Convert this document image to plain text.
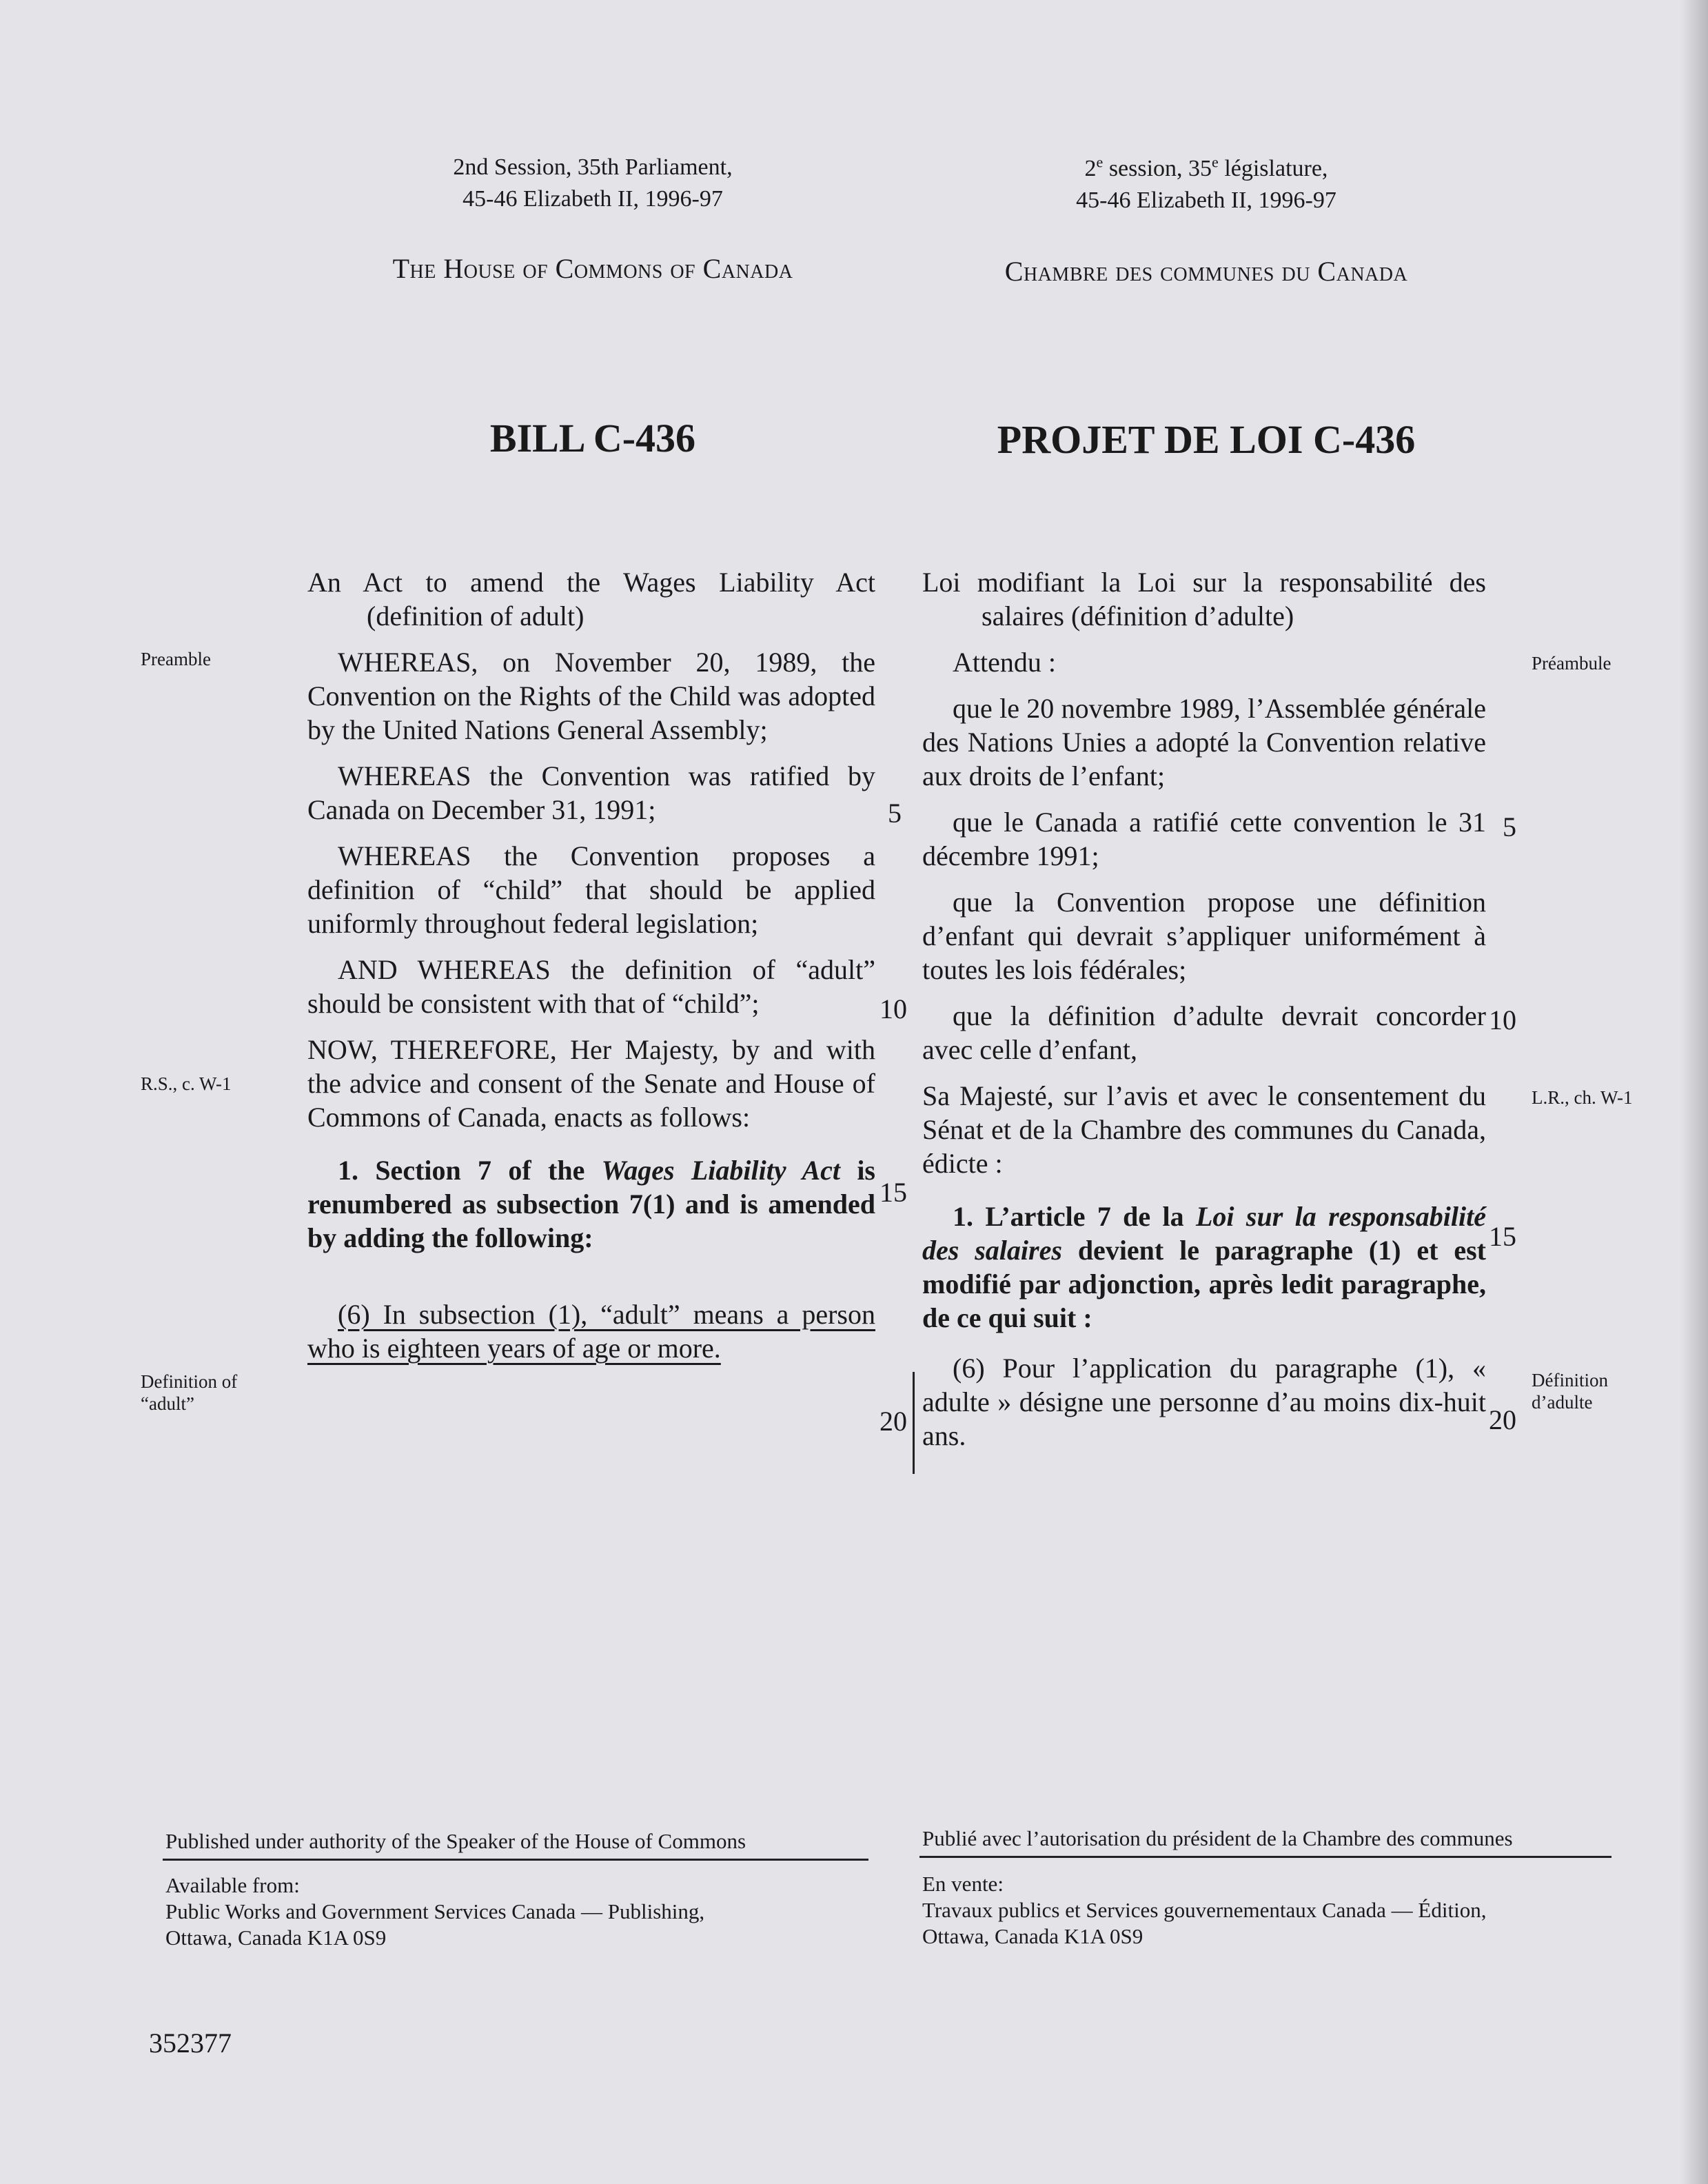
2nd Session, 35th Parliament,
45-46 Elizabeth II, 1996-97
2e session, 35e législature,
45-46 Elizabeth II, 1996-97
The House of Commons of Canada	Chambre des communes du Canada
BILL C-436	PROJET DE LOI C-436

An Act to amend the Wages Liability Act (definition of adult)

WHEREAS, on November 20, 1989, the Convention on the Rights of the Child was adopted by the United Nations General Assembly;

WHEREAS the Convention was ratified by Canada on December 31, 1991;

WHEREAS the Convention proposes a definition of “child” that should be applied uniformly throughout federal legislation;

AND WHEREAS the definition of “adult” should be consistent with that of “child”;

NOW, THEREFORE, Her Majesty, by and with the advice and consent of the Senate and House of Commons of Canada, enacts as follows:

1. Section 7 of the Wages Liability Act is renumbered as subsection 7(1) and is amended by adding the following:

(6) In subsection (1), “adult” means a person who is eighteen years of age or more.

Loi modifiant la Loi sur la responsabilité des salaires (définition d’adulte)

Attendu :

que le 20 novembre 1989, l’Assemblée générale des Nations Unies a adopté la Convention relative aux droits de l’enfant;

que le Canada a ratifié cette convention le 31 décembre 1991;

que la Convention propose une définition d’enfant qui devrait s’appliquer uniformément à toutes les lois fédérales;

que la définition d’adulte devrait concorder avec celle d’enfant,

Sa Majesté, sur l’avis et avec le consentement du Sénat et de la Chambre des communes du Canada, édicte :

1. L’article 7 de la Loi sur la responsabilité des salaires devient le paragraphe (1) et est modifié par adjonction, après ledit paragraphe, de ce qui suit :

(6) Pour l’application du paragraphe (1), « adulte » désigne une personne d’au moins dix-huit ans.

Preamble
R.S., c. W-1
Definition of
“adult”
Préambule
L.R., ch. W-1
Définition
d’adulte
5
10
15
20
5
10
15
20
Published under authority of the Speaker of the House of Commons
Available from:
Public Works and Government Services Canada — Publishing,
Ottawa, Canada K1A 0S9
Publié avec l’autorisation du président de la Chambre des communes
En vente:
Travaux publics et Services gouvernementaux Canada — Édition,
Ottawa, Canada K1A 0S9
352377
